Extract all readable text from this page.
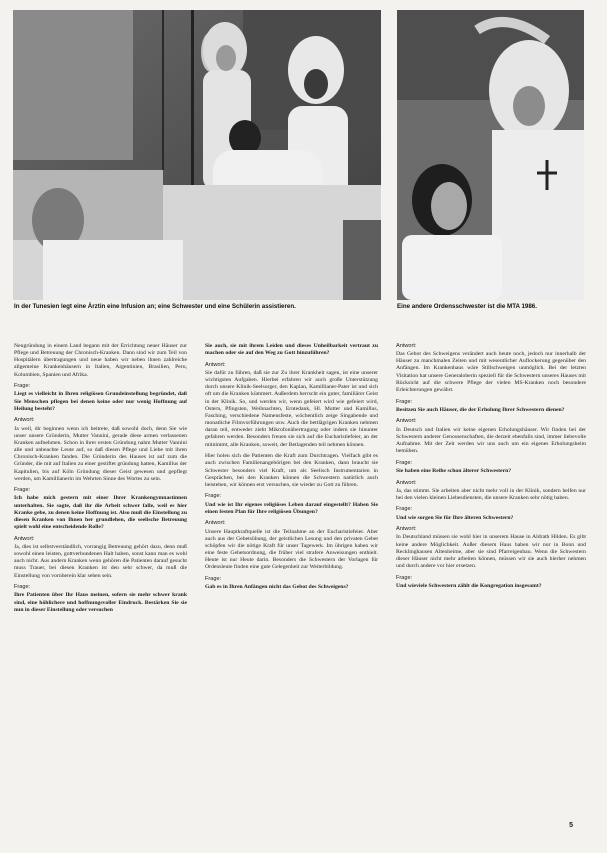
In der Tunesien legt eine Ärztin eine Infusion an; eine Schwester und eine Schülerin assistieren.	Eine andere Ordensschwester ist die MTA 1986.

Neugründung in einem Land begann mit der Errichtung neuer Häuser zur Pflege und Betreuung der Chronisch-Kranken. Dann sind wir zum Teil von Hospitälern übertragungen und neue haben wir neben ihnen zahlreiche allgemeine Krankenhäusern in Italien, Argentinien, Brasilien, Peru, Kolumbien, Spanien und Afrika.

Frage:

Liegt es vielleicht in Ihren religiösen Grundeinstellung begründet, daß Sie Menschen pflegen bei denen keine oder nur wenig Hoffnung auf Heilung besteht?

Antwort:

Ja weil, dir beginnen wenn ich beitrete, daß sowohl doch, denn Sie wie unser unsere Gründerin, Mutter Vannini, gerade diese armen verlassenen Kranken aufnehmen. Schon in ihrer ersten Gründung nahm Mutter Vannini alle und unbeachte Leute auf, so daß diesen Pflege und Liebe mit ihren Chronisch-Kranken fanden. Die Gründerin des Hauses ist auf zum die Gründer, die mit auf Italien zu einer gestiftet gründung hatten, Kamillus der Kapitulien, bis auf Köln Gründung dieser Geist gewesen und gepflegt werden, um Kamillianerin im Wehrten Sinne des Wortes zu sein.

Frage:

Ich habe mich gestern mit einer Ihrer Krankengymnastinnen unterhalten. Sie sagte, daß ihr die Arbeit schwer falle, weil es hier Kranke gebe, zu denen keine Hoffnung ist. Also muß die Einstellung zu diesen Kranken von Ihnen her grundlehen, die seelische Betreuung spielt wohl eine entscheidende Rolle?

Antwort:

Ja, dies ist selbstverständlich, vorrangig Betreuung gehört dazu, denn muß sowohl einen leisten, gottverbundenen Halt haben, sonst kann man es wohl auch nicht. Aus andern Kranken wenn gehören die Patienten darauf gesucht muss Trauer, bei diesen Kranken ist den sehr schwer, da muß die Einstellung von vornherein klar sehen sein.

Frage:

Ihre Patienten über Ihr Haus meinen, sofern sie mehr schwer krank sind, eine höhlichere und hoffnungsvoller Eindruck. Bestärken Sie sie nun in dieser Einstellung oder versuchen

Sie auch, sie mit ihrem Leiden und dieses Unheilbarkeit vertraut zu machen oder sie auf den Weg zu Gott hinzuführen?

Antwort:

Sie dafür zu führen, daß sie zur Zu ihrer Krankheit sagen, ist eine unserer wichtigsten Aufgaben. Hierbei erfahren wir auch große Unterstützung durch unsere Klinik-Seelsorger, den Kaplan, Kamillianer-Pater ist und sich oft um die Kranken kümmert. Außerdem herrscht ein guter, familiärer Geist in der Klinik. So, und werden wir, wenn gefeiert wird wie gefeiert wird, Ostern, Pfingsten, Weihnachten, Erntedank, Hl. Mutter und Kamillus, Fasching, verschiedene Namensfeste, wöchentlich zeige Singabende und monatliche Filmvorführungen usw. Auch die bettlägrigen Kranken nehmen daran teil, entweder zieht Mikrofonübertragung oder indem sie hinunter gefahren werden. Besonders freuen sie sich auf die Eucharistiefeier, an der mitnimmt, alle Kranken, soweit, der Betlagenden teil nehmen können.

Hier holen sich die Patienten die Kraft zum Durchtragen. Vielfach gibt es auch zwischen Familienangehörigen bei den Kranken, dann braucht sie Schwester besonders viel Kraft, um als Seelisch Instrumentarien in Gesprächen, bei den Kranken können die Schwestern natürlich auch beistehen, wir können erst versuchen, sie wieder zu Gott zu führen.

Frage:

Und wie ist Ihr eigenes religiöses Leben darauf eingestellt? Haben Sie einen festen Plan für Ihre religiösen Übungen?

Antwort:

Unsere Hauptkraftquelle ist die Teilnahme an der Eucharistiefeier. Aber auch aus der Gebetsübung, der geistlichen Lesung und den privaten Gebet schöpfen wir die nötige Kraft für unser Tagewerk. Im übrigen haben wir eine feste Gebetsordnung, die früher viel strafere Anweisungen enthielt. Heute ist nur Heute darin. Besonders die Schwestern der Vorlagen für Ordensleute finden eine gute Gelegenheit zur Weiterbildung.

Frage:

Gab es in Ihren Anfängen nicht das Gebot des Schweigens?

Antwort:

Das Gebot des Schweigens verändert auch heute noch, jedoch nur innerhalb der Häuser zu manchmalen Zeiten und mit wesentlicher Auflockerung gegenüber den Anfängen. Im Krankenhaus wäre Stillschweigen unmöglich. Bei der letzten Visitation hat unsere Generaloberin speziell für die Schwestern unseres Hauses mit Rücksicht auf die schwere Pflege der vielen MS-Kranken noch besondere Erleichterungen gewährt.

Frage:

Besitzen Sie auch Häuser, die der Erholung Ihrer Schwestern dienen?

Antwort:

In Deutsch und Italien wir keine eigenen Erholungshäuser. Wir finden bei der Schwestern anderer Genossenschaften, die derzeit ebenfalls sind, immer liebevolle Aufnahme. Mit der Zeit werden wir uns auch um ein eigenes Erholungsheim bemühen.

Frage:

Sie haben eine Reihe schon älterer Schwestern?

Antwort:

Ja, das stimmt. Sie arbeiten aber nicht mehr voll in der Klinik, sondern helfen nur bei den vielen kleinen Liebesdiensten, die unsere Kranken sehr nötig haben.

Frage:

Und wie sorgen Sie für Ihre älteren Schwestern?

Antwort:

In Deutschland müssen sie wohl hier in unserem Hause in Aldrath Hilden. Es gibt keine andere Möglichkeit. Außer diesem Haus haben wir nur in Bonn und Recklinghausen Altenheime, aber sie sind Pfarreigenbau. Wenn die Schwestern dieser Häuser nicht mehr arbeiten können, müssen wir sie auch hierher nehmen und durch andere vor hier ersetzen.

Frage:

Und wieviele Schwestern zählt die Kongregation insgesamt?

5
